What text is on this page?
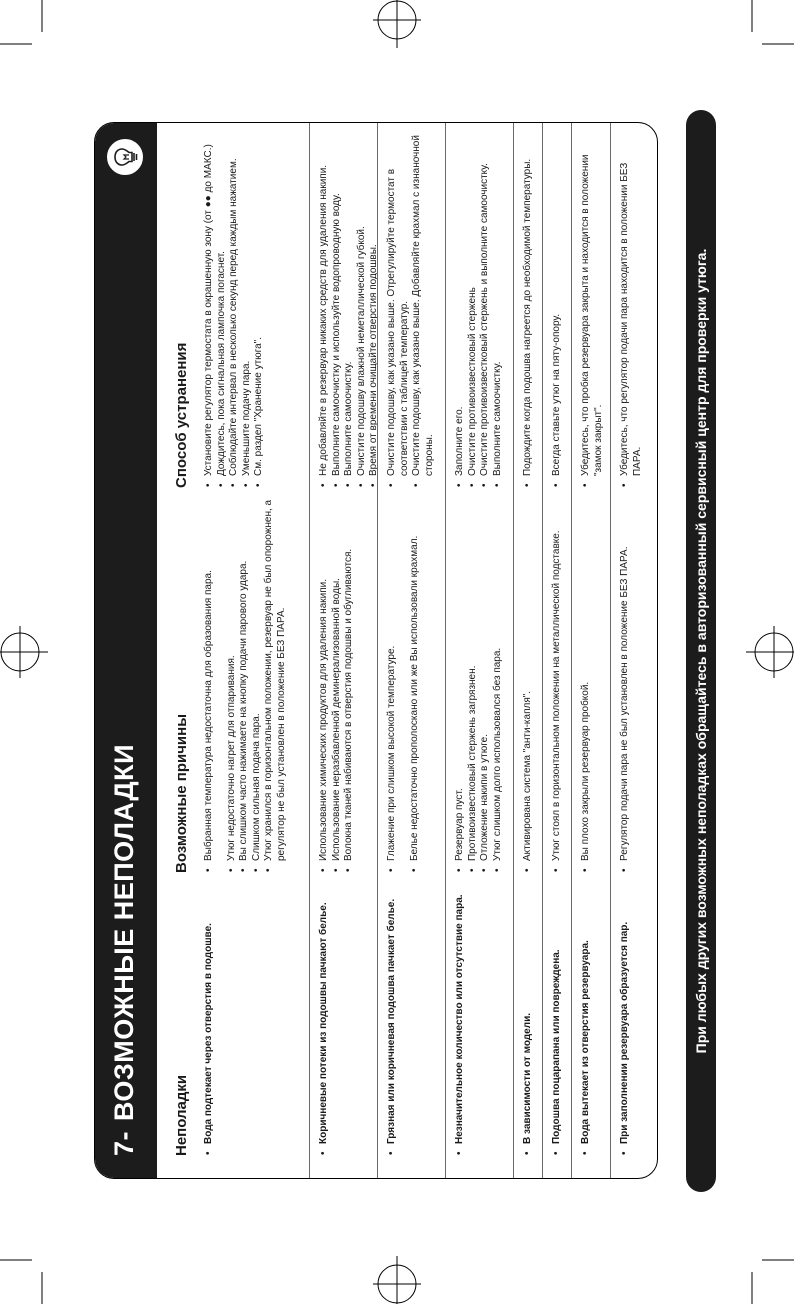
7-ВОЗМОЖНЫЕ НЕПОЛАДКИ Неполадки
Возможные причины
Способ устранения
• Вода подтекает через отверстия в подошве.
• Выбранная температура недостаточна для образования пара. • Утюг недостаточно нагрет для отпаривания. • Вы слишком часто нажимаете на кнопку подачи парового удара. • Слишком сильная подача пара. • Утюг хранился в горизонтальном положении, резервуар не был опорожнен, а регулятор не был установлен в положение БЕЗ ПАРА.
• Установите регулятор термостата в окрашенную зону (от ●● до МАКС.) • Дождитесь, пока сигнальная лампочка погаснет. • Соблюдайте интервал в несколько секунд перед каждым нажатием. • Уменьшите подачу пара. • См. раздел "Хранение утюга".
• Коричневые потеки из подошвы пачкают белье.
• Использование химических продуктов для удаления накипи. • Использование неразбавленной деминерализованной воды. • Волокна тканей набиваются в отверстия подошвы и обугливаются.
• Не добавляйте в резервуар никаких средств для удаления накипи. • Выполните самоочистку и используйте водопроводную воду. • Выполните самоочистку. • Очистите подошву влажной неметаллической губкой. • Время от времени очищайте отверстия подошвы.
• Грязная или коричневая подошва пачкает белье.
• Глажение при слишком высокой температуре. • Белье недостаточно прополоскано или же Вы использовали крахмал.
• Очистите подошву, как указано выше. Отрегулируйте термостат в соответствии с таблицей температур. • Очистите подошву, как указано выше. Добавляйте крахмал с изнаночной стороны.
• Незначительное количество или отсутствие пара.
• Резервуар пуст. • Противоизвестковый стержень загрязнен. • Отложение накипи в утюге. • Утюг слишком долго использовался без пара.
• Заполните его. • Очистите противоизвестковый стержень • Очистите противоизвестковый стержень и выполните самоочистку. • Выполните самоочистку.
• В зависимости от модели.
• Активирована система "анти-капля".
• Подождите когда подошва нагреется до необходимой температуры.
• Подошва поцарапана или повреждена.
• Утюг стоял в горизонтальном положении на металлической подставке.
• Всегда ставьте утюг на пяту-опору.
• Вода вытекает из отверстия резервуара.
• Вы плохо закрыли резервуар пробкой.
• Убедитесь, что пробка резервуара закрыта и находится в положении "замок закрыт".
• При заполнении резервуара образуется пар.
• Регулятор подачи пара не был установлен в положение БЕЗ ПАРА.
• Убедитесь, что регулятор подачи пара находится в положении БЕЗ ПАРА.	При любых других возможных неполадках обращайтесь в авторизованный сервисный центр для проверки утюга.
